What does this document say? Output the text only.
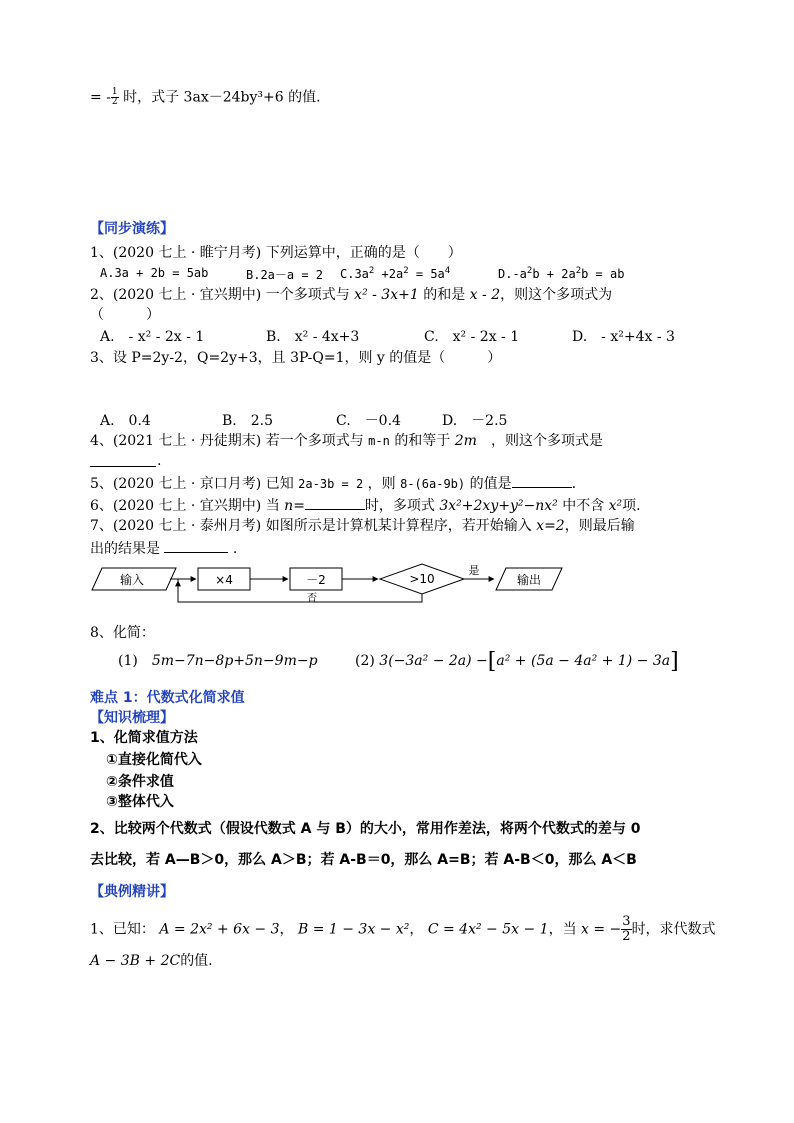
= - $\frac{1}{2}$ 时，式子 3ax－24by³+6 的值.
【同步演练】
1、(2020 七上 · 睢宁月考) 下列运算中，正确的是（　　）
A.3a + 2b = 5ab	B.2a－a = 2 $C.3a^2 +2a^2 = 5a^4$	$D.-a^2b + 2a^2b$ = ab
2、(2020 七上 · 宜兴期中) 一个多项式与 x² - 3x+1 的和是 x - 2，则这个多项式为
（　　　）
A.　- x² - 2x - 1	B.　x² - 4x+3	C.　x² - 2x - 1	D.　- x²+4x - 3
3、设 P=2y-2，Q=2y+3，且 3P-Q=1，则 y 的值是（　　　）
A.　0.4	B.　2.5	C.　－0.4	D.　－2.5
4、(2021 七上 · 丹徒期末) 若一个多项式与 m-n 的和等于 2m　 ，则这个多项式是
.
5、(2020 七上 · 京口月考) 已知 2a-3b = 2 ，则 8-(6a-9b) 的值是	.
6、(2020 七上 · 宜兴期中) 当 n=	时，多项式 3x²+2xy+y²−nx² 中不含 x²项.
7、(2020 七上 · 泰州月考) 如图所示是计算机某计算程序，若开始输入 x=2，则最后输
出的结果是	.
输入	×4	－2	>10
是
输出
否
8、化简：
(1)　 5m−7n−8p+5n−9m−p	(2) 3(−3a² − 2a) −[a² + (5a − 4a² + 1) − 3a]
难点 1：代数式化简求值
【知识梳理】
1、化简求值方法
①直接化简代入
②条件求值
③整体代入
2、比较两个代数式（假设代数式 A 与 B）的大小，常用作差法，将两个代数式的差与 0
去比较，若 A—B＞0，那么 A＞B；若 A-B＝0，那么 A=B；若 A-B＜0，那么 A＜B
【典例精讲】
1、已知： A = 2x² + 6x − 3， B = 1 − 3x − x²， C = 4x² − 5x − 1，当 x = − $\frac{3}{2}$ 时，求代数式
A − 3B + 2C的值.
